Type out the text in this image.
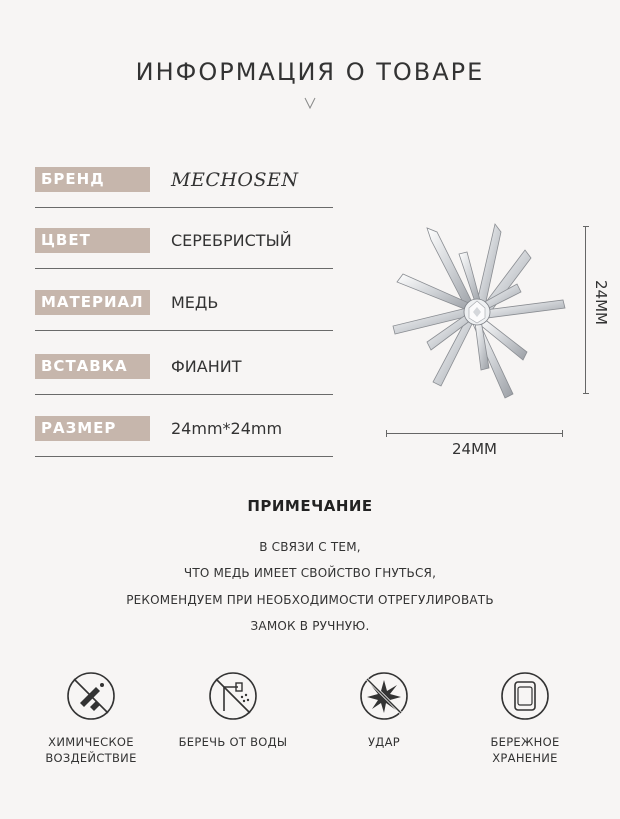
ИНФОРМАЦИЯ О ТОВАРЕ
БРЕНД	MECHOSEN
ЦВЕТ	СЕРЕБРИСТЫЙ
МАТЕРИАЛ	МЕДЬ
ВСТАВКА	ФИАНИТ
РАЗМЕР	24mm*24mm
24MM
24MM
ПРИМЕЧАНИЕ
В СВЯЗИ С ТЕМ,
ЧТО МЕДЬ ИМЕЕТ СВОЙСТВО ГНУТЬСЯ,
РЕКОМЕНДУЕМ ПРИ НЕОБХОДИМОСТИ ОТРЕГУЛИРОВАТЬ
ЗАМОК В РУЧНУЮ.
ХИМИЧЕСКОЕ
ВОЗДЕЙСТВИЕ
БЕРЕЧЬ ОТ ВОДЫ	УДАР	БЕРЕЖНОЕ
ХРАНЕНИЕ
